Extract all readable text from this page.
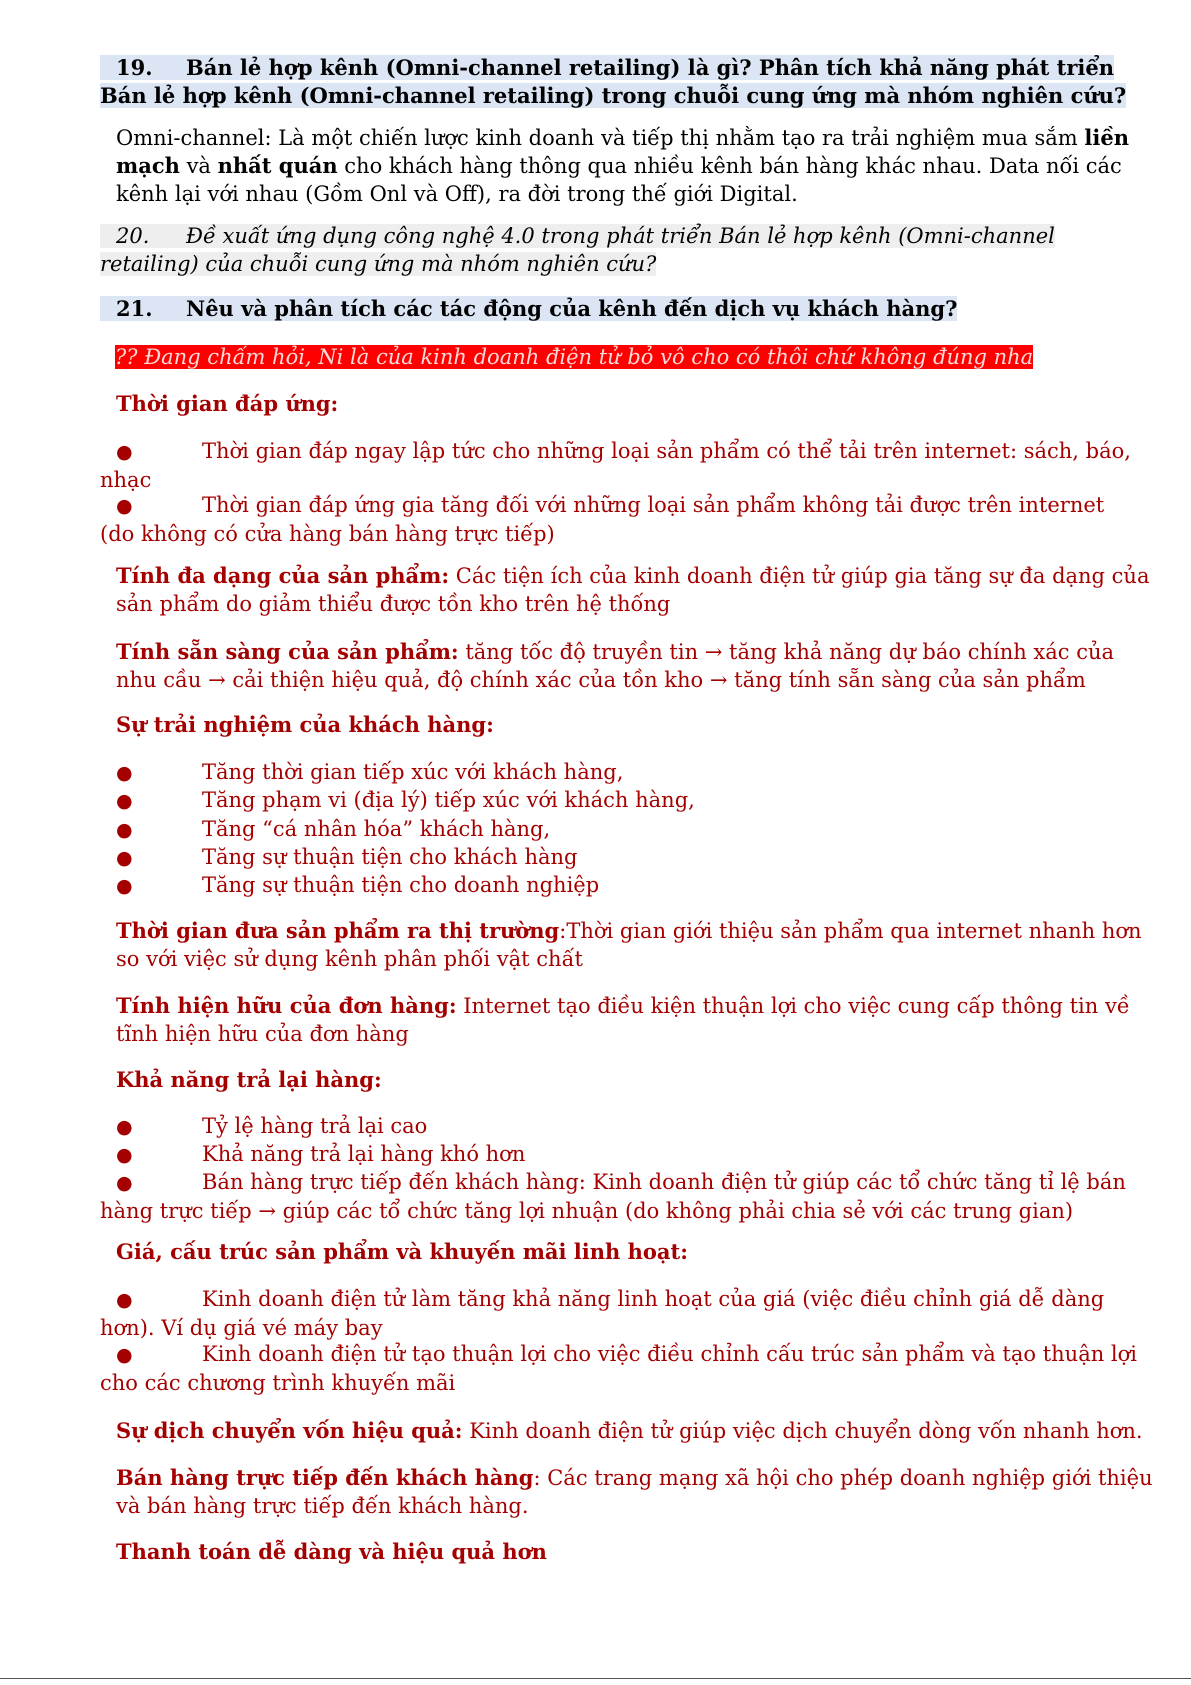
19. Bán lẻ hợp kênh (Omni-channel retailing) là gì? Phân tích khả năng phát triển Bán lẻ hợp kênh (Omni-channel retailing) trong chuỗi cung ứng mà nhóm nghiên cứu?
Omni-channel: Là một chiến lược kinh doanh và tiếp thị nhằm tạo ra trải nghiệm mua sắm liền mạch và nhất quán cho khách hàng thông qua nhiều kênh bán hàng khác nhau. Data nối các kênh lại với nhau (Gồm Onl và Off), ra đời trong thế giới Digital.
20. Đề xuất ứng dụng công nghệ 4.0 trong phát triển Bán lẻ hợp kênh (Omni-channel retailing) của chuỗi cung ứng mà nhóm nghiên cứu?
21. Nêu và phân tích các tác động của kênh đến dịch vụ khách hàng?
?? Đang chấm hỏi, Ni là của kinh doanh điện tử bỏ vô cho có thôi chứ không đúng nha
Thời gian đáp ứng:
●	Thời gian đáp ngay lập tức cho những loại sản phẩm có thể tải trên internet: sách, báo, nhạc
●	Thời gian đáp ứng gia tăng đối với những loại sản phẩm không tải được trên internet (do không có cửa hàng bán hàng trực tiếp)
Tính đa dạng của sản phẩm: Các tiện ích của kinh doanh điện tử giúp gia tăng sự đa dạng của sản phẩm do giảm thiểu được tồn kho trên hệ thống
Tính sẵn sàng của sản phẩm: tăng tốc độ truyền tin → tăng khả năng dự báo chính xác của nhu cầu → cải thiện hiệu quả, độ chính xác của tồn kho → tăng tính sẵn sàng của sản phẩm
Sự trải nghiệm của khách hàng:
●	Tăng thời gian tiếp xúc với khách hàng,
●	Tăng phạm vi (địa lý) tiếp xúc với khách hàng,
●	Tăng “cá nhân hóa” khách hàng,
●	Tăng sự thuận tiện cho khách hàng
●	Tăng sự thuận tiện cho doanh nghiệp
Thời gian đưa sản phẩm ra thị trường:Thời gian giới thiệu sản phẩm qua internet nhanh hơn so với việc sử dụng kênh phân phối vật chất
Tính hiện hữu của đơn hàng: Internet tạo điều kiện thuận lợi cho việc cung cấp thông tin về tĩnh hiện hữu của đơn hàng
Khả năng trả lại hàng:
●	Tỷ lệ hàng trả lại cao
●	Khả năng trả lại hàng khó hơn
●	Bán hàng trực tiếp đến khách hàng: Kinh doanh điện tử giúp các tổ chức tăng tỉ lệ bán hàng trực tiếp → giúp các tổ chức tăng lợi nhuận (do không phải chia sẻ với các trung gian)
Giá, cấu trúc sản phẩm và khuyến mãi linh hoạt:
●	Kinh doanh điện tử làm tăng khả năng linh hoạt của giá (việc điều chỉnh giá dễ dàng hơn). Ví dụ giá vé máy bay
●	Kinh doanh điện tử tạo thuận lợi cho việc điều chỉnh cấu trúc sản phẩm và tạo thuận lợi cho các chương trình khuyến mãi
Sự dịch chuyển vốn hiệu quả: Kinh doanh điện tử giúp việc dịch chuyển dòng vốn nhanh hơn.
Bán hàng trực tiếp đến khách hàng: Các trang mạng xã hội cho phép doanh nghiệp giới thiệu và bán hàng trực tiếp đến khách hàng.
Thanh toán dễ dàng và hiệu quả hơn
